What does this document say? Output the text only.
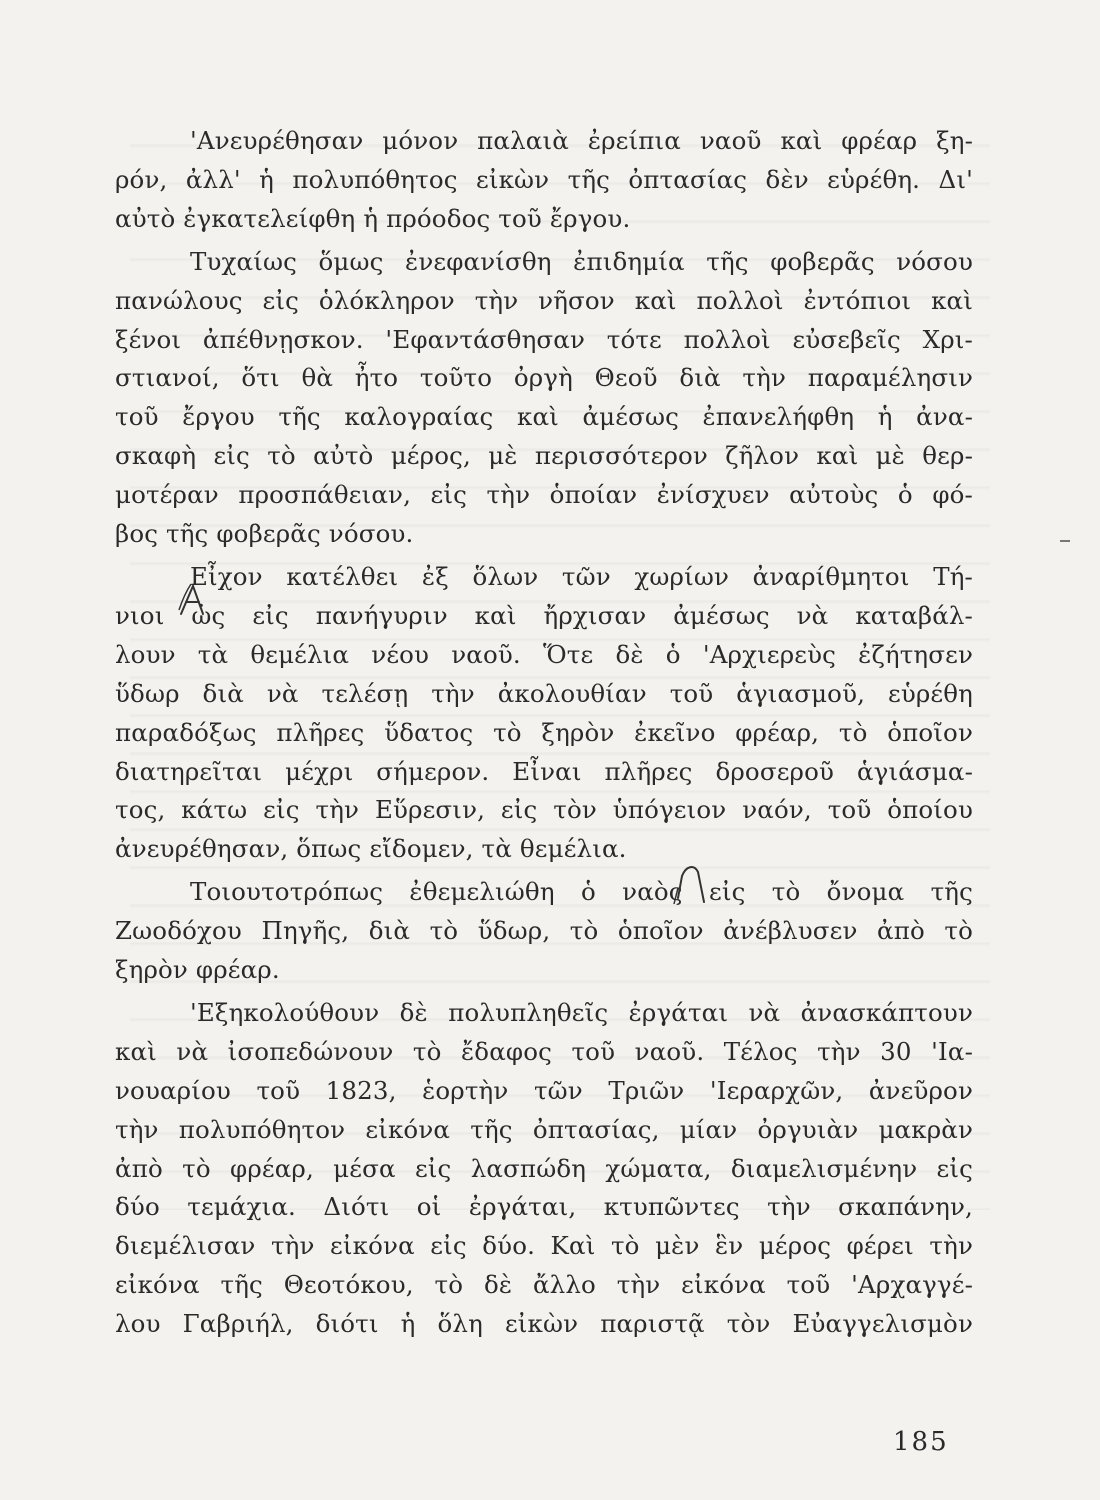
'Ανευρέθησαν μόνον παλαιὰ ἐρείπια ναοῦ καὶ φρέαρ ξη-
ρόν, ἀλλ' ἡ πολυπόθητος εἰκὼν τῆς ὀπτασίας δὲν εὑρέθη. Δι'
αὐτὸ ἐγκατελείφθη ἡ πρόοδος τοῦ ἔργου.

Τυχαίως ὅμως ἐνεφανίσθη ἐπιδημία τῆς φοβερᾶς νόσου
πανώλους εἰς ὁλόκληρον τὴν νῆσον καὶ πολλοὶ ἐντόπιοι καὶ
ξένοι ἀπέθνῃσκον. 'Εφαντάσθησαν τότε πολλοὶ εὐσεβεῖς Χρι-
στιανοί, ὅτι θὰ ἦτο τοῦτο ὀργὴ Θεοῦ διὰ τὴν παραμέλησιν
τοῦ ἔργου τῆς καλογραίας καὶ ἀμέσως ἐπανελήφθη ἡ ἀνα-
σκαφὴ εἰς τὸ αὐτὸ μέρος, μὲ περισσότερον ζῆλον καὶ μὲ θερ-
μοτέραν προσπάθειαν, εἰς τὴν ὁποίαν ἐνίσχυεν αὐτοὺς ὁ φό-
βος τῆς φοβερᾶς νόσου.

Εἶχον κατέλθει ἐξ ὅλων τῶν χωρίων ἀναρίθμητοι Τή-
νιοι ὡς εἰς πανήγυριν καὶ ἤρχισαν ἀμέσως νὰ καταβάλ-
λουν τὰ θεμέλια νέου ναοῦ. Ὅτε δὲ ὁ 'Αρχιερεὺς ἐζήτησεν
ὕδωρ διὰ νὰ τελέσῃ τὴν ἀκολουθίαν τοῦ ἁγιασμοῦ, εὑρέθη
παραδόξως πλῆρες ὕδατος τὸ ξηρὸν ἐκεῖνο φρέαρ, τὸ ὁποῖον
διατηρεῖται μέχρι σήμερον. Εἶναι πλῆρες δροσεροῦ ἁγιάσμα-
τος, κάτω εἰς τὴν Εὕρεσιν, εἰς τὸν ὑπόγειον ναόν, τοῦ ὁποίου
ἀνευρέθησαν, ὅπως εἴδομεν, τὰ θεμέλια.

Τοιουτοτρόπως ἐθεμελιώθη ὁ ναὸς εἰς τὸ ὄνομα τῆς
Ζωοδόχου Πηγῆς, διὰ τὸ ὕδωρ, τὸ ὁποῖον ἀνέβλυσεν ἀπὸ τὸ
ξηρὸν φρέαρ.

'Εξηκολούθουν δὲ πολυπληθεῖς ἐργάται νὰ ἀνασκάπτουν
καὶ νὰ ἰσοπεδώνουν τὸ ἔδαφος τοῦ ναοῦ. Τέλος τὴν 30 'Ια-
νουαρίου τοῦ 1823, ἑορτὴν τῶν Τριῶν 'Ιεραρχῶν, ἀνεῦρον
τὴν πολυπόθητον εἰκόνα τῆς ὀπτασίας, μίαν ὀργυιὰν μακρὰν
ἀπὸ τὸ φρέαρ, μέσα εἰς λασπώδη χώματα, διαμελισμένην εἰς
δύο τεμάχια. Διότι οἱ ἐργάται, κτυπῶντες τὴν σκαπάνην,
διεμέλισαν τὴν εἰκόνα εἰς δύο. Καὶ τὸ μὲν ἓν μέρος φέρει τὴν
εἰκόνα τῆς Θεοτόκου, τὸ δὲ ἄλλο τὴν εἰκόνα τοῦ 'Αρχαγγέ-
λου Γαβριήλ, διότι ἡ ὅλη εἰκὼν παριστᾷ τὸν Εὐαγγελισμὸν

185
